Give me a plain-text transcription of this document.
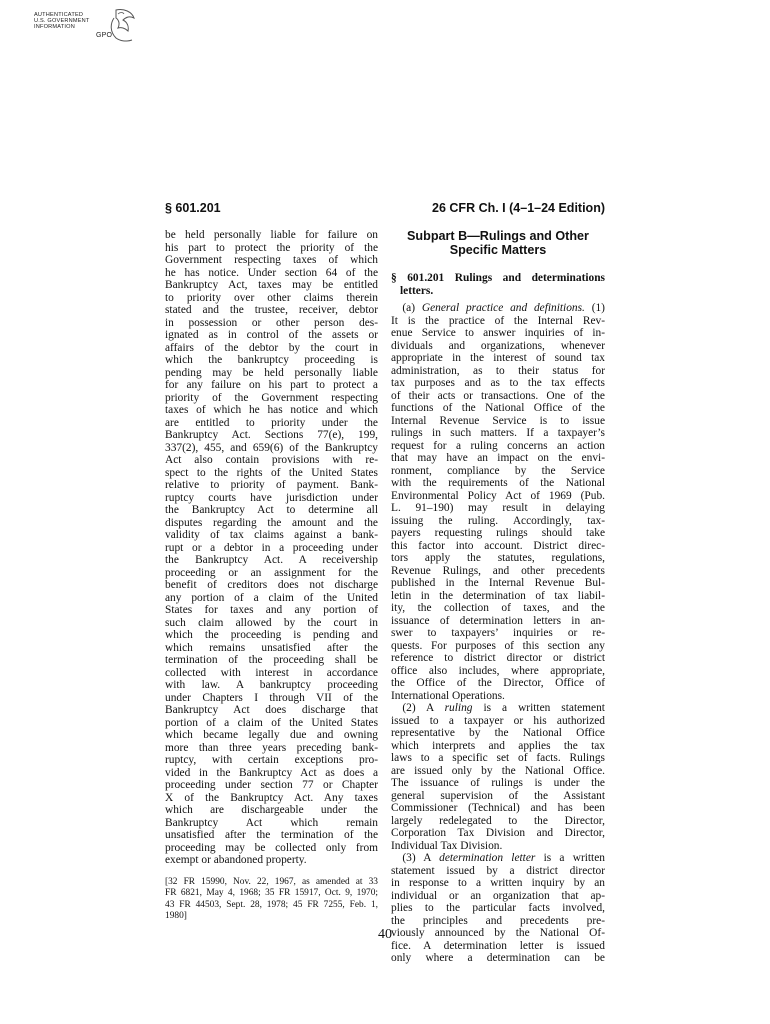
AUTHENTICATED
U.S. GOVERNMENT
INFORMATION
GPO
§ 601.201	26 CFR Ch. I (4–1–24 Edition)
be held personally liable for failure on
his part to protect the priority of the
Government respecting taxes of which
he has notice. Under section 64 of the
Bankruptcy Act, taxes may be entitled
to priority over other claims therein
stated and the trustee, receiver, debtor
in possession or other person des-
ignated as in control of the assets or
affairs of the debtor by the court in
which the bankruptcy proceeding is
pending may be held personally liable
for any failure on his part to protect a
priority of the Government respecting
taxes of which he has notice and which
are entitled to priority under the
Bankruptcy Act. Sections 77(e), 199,
337(2), 455, and 659(6) of the Bankruptcy
Act also contain provisions with re-
spect to the rights of the United States
relative to priority of payment. Bank-
ruptcy courts have jurisdiction under
the Bankruptcy Act to determine all
disputes regarding the amount and the
validity of tax claims against a bank-
rupt or a debtor in a proceeding under
the Bankruptcy Act. A receivership
proceeding or an assignment for the
benefit of creditors does not discharge
any portion of a claim of the United
States for taxes and any portion of
such claim allowed by the court in
which the proceeding is pending and
which remains unsatisfied after the
termination of the proceeding shall be
collected with interest in accordance
with law. A bankruptcy proceeding
under Chapters I through VII of the
Bankruptcy Act does discharge that
portion of a claim of the United States
which became legally due and owning
more than three years preceding bank-
ruptcy, with certain exceptions pro-
vided in the Bankruptcy Act as does a
proceeding under section 77 or Chapter
X of the Bankruptcy Act. Any taxes
which are dischargeable under the
Bankruptcy Act which remain
unsatisfied after the termination of the
proceeding may be collected only from
exempt or abandoned property.
[32 FR 15990, Nov. 22, 1967, as amended at 33
FR 6821, May 4, 1968; 35 FR 15917, Oct. 9, 1970;
43 FR 44503, Sept. 28, 1978; 45 FR 7255, Feb. 1,
1980]
Subpart B—Rulings and Other
Specific Matters
§ 601.201 Rulings and determinations
letters.
 (a) General practice and definitions. (1)
It is the practice of the Internal Rev-
enue Service to answer inquiries of in-
dividuals and organizations, whenever
appropriate in the interest of sound tax
administration, as to their status for
tax purposes and as to the tax effects
of their acts or transactions. One of the
functions of the National Office of the
Internal Revenue Service is to issue
rulings in such matters. If a taxpayer’s
request for a ruling concerns an action
that may have an impact on the envi-
ronment, compliance by the Service
with the requirements of the National
Environmental Policy Act of 1969 (Pub.
L. 91–190) may result in delaying
issuing the ruling. Accordingly, tax-
payers requesting rulings should take
this factor into account. District direc-
tors apply the statutes, regulations,
Revenue Rulings, and other precedents
published in the Internal Revenue Bul-
letin in the determination of tax liabil-
ity, the collection of taxes, and the
issuance of determination letters in an-
swer to taxpayers’ inquiries or re-
quests. For purposes of this section any
reference to district director or district
office also includes, where appropriate,
the Office of the Director, Office of
International Operations.
 (2) A ruling is a written statement
issued to a taxpayer or his authorized
representative by the National Office
which interprets and applies the tax
laws to a specific set of facts. Rulings
are issued only by the National Office.
The issuance of rulings is under the
general supervision of the Assistant
Commissioner (Technical) and has been
largely redelegated to the Director,
Corporation Tax Division and Director,
Individual Tax Division.
 (3) A determination letter is a written
statement issued by a district director
in response to a written inquiry by an
individual or an organization that ap-
plies to the particular facts involved,
the principles and precedents pre-
viously announced by the National Of-
fice. A determination letter is issued
only where a determination can be
40
